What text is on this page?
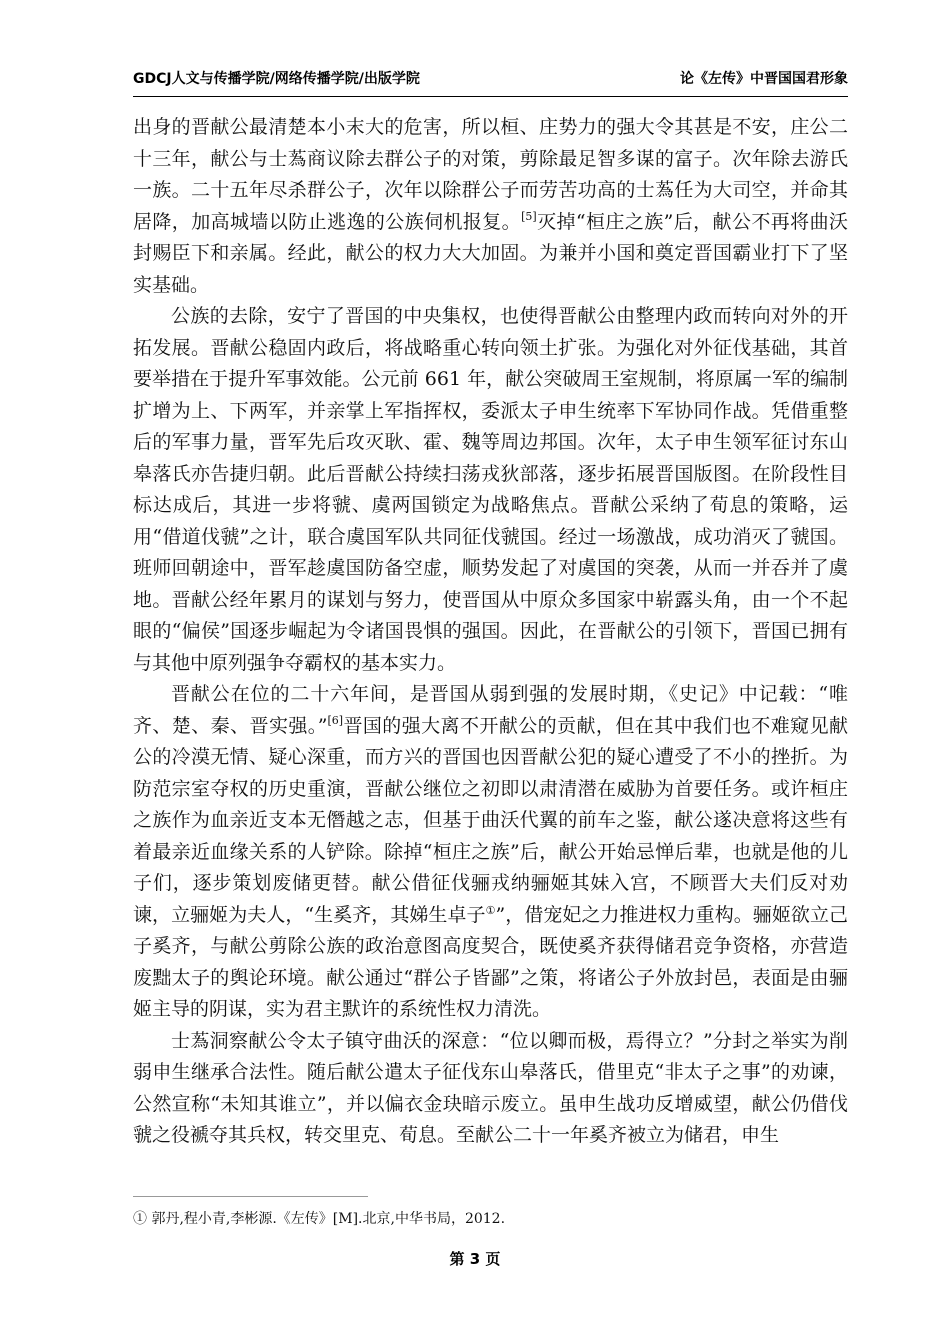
GDCJ人文与传播学院/网络传播学院/出版学院	论《左传》中晋国国君形象

出身的晋献公最清楚本小末大的危害，所以桓、庄势力的强大令其甚是不安，庄公二十三年，献公与士蒍商议除去群公子的对策，剪除最足智多谋的富子。次年除去游氏一族。二十五年尽杀群公子，次年以除群公子而劳苦功高的士蒍任为大司空，并命其居降，加高城墙以防止逃逸的公族伺机报复。[5]灭掉“桓庄之族”后，献公不再将曲沃封赐臣下和亲属。经此，献公的权力大大加固。为兼并小国和奠定晋国霸业打下了坚实基础。

公族的去除，安宁了晋国的中央集权，也使得晋献公由整理内政而转向对外的开拓发展。晋献公稳固内政后，将战略重心转向领土扩张。为强化对外征伐基础，其首要举措在于提升军事效能。公元前 661 年，献公突破周王室规制，将原属一军的编制扩增为上、下两军，并亲掌上军指挥权，委派太子申生统率下军协同作战。凭借重整后的军事力量，晋军先后攻灭耿、霍、魏等周边邦国。次年，太子申生领军征讨东山皋落氏亦告捷归朝。此后晋献公持续扫荡戎狄部落，逐步拓展晋国版图。在阶段性目标达成后，其进一步将虢、虞两国锁定为战略焦点。晋献公采纳了荀息的策略，运用“借道伐虢”之计，联合虞国军队共同征伐虢国。经过一场激战，成功消灭了虢国。班师回朝途中，晋军趁虞国防备空虚，顺势发起了对虞国的突袭，从而一并吞并了虞地。晋献公经年累月的谋划与努力，使晋国从中原众多国家中崭露头角，由一个不起眼的“偏侯”国逐步崛起为令诸国畏惧的强国。因此，在晋献公的引领下，晋国已拥有与其他中原列强争夺霸权的基本实力。

晋献公在位的二十六年间，是晋国从弱到强的发展时期，《史记》中记载：“唯齐、楚、秦、晋实强。”[6]晋国的强大离不开献公的贡献，但在其中我们也不难窥见献公的冷漠无情、疑心深重，而方兴的晋国也因晋献公犯的疑心遭受了不小的挫折。为防范宗室夺权的历史重演，晋献公继位之初即以肃清潜在威胁为首要任务。或许桓庄之族作为血亲近支本无僭越之志，但基于曲沃代翼的前车之鉴，献公遂决意将这些有着最亲近血缘关系的人铲除。除掉“桓庄之族”后，献公开始忌惮后辈，也就是他的儿子们，逐步策划废储更替。献公借征伐骊戎纳骊姬其妹入宫，不顾晋大夫们反对劝谏，立骊姬为夫人，“生奚齐，其娣生卓子①”，借宠妃之力推进权力重构。骊姬欲立己子奚齐，与献公剪除公族的政治意图高度契合，既使奚齐获得储君竞争资格，亦营造废黜太子的舆论环境。献公通过“群公子皆鄙”之策，将诸公子外放封邑，表面是由骊姬主导的阴谋，实为君主默许的系统性权力清洗。

士蒍洞察献公令太子镇守曲沃的深意：“位以卿而极，焉得立？”分封之举实为削弱申生继承合法性。随后献公遣太子征伐东山皋落氏，借里克“非太子之事”的劝谏，公然宣称“未知其谁立”，并以偏衣金玦暗示废立。虽申生战功反增威望，献公仍借伐虢之役褫夺其兵权，转交里克、荀息。至献公二十一年奚齐被立为储君，申生

① 郭丹,程小青,李彬源.《左传》[M].北京,中华书局，2012.
第 3 页
